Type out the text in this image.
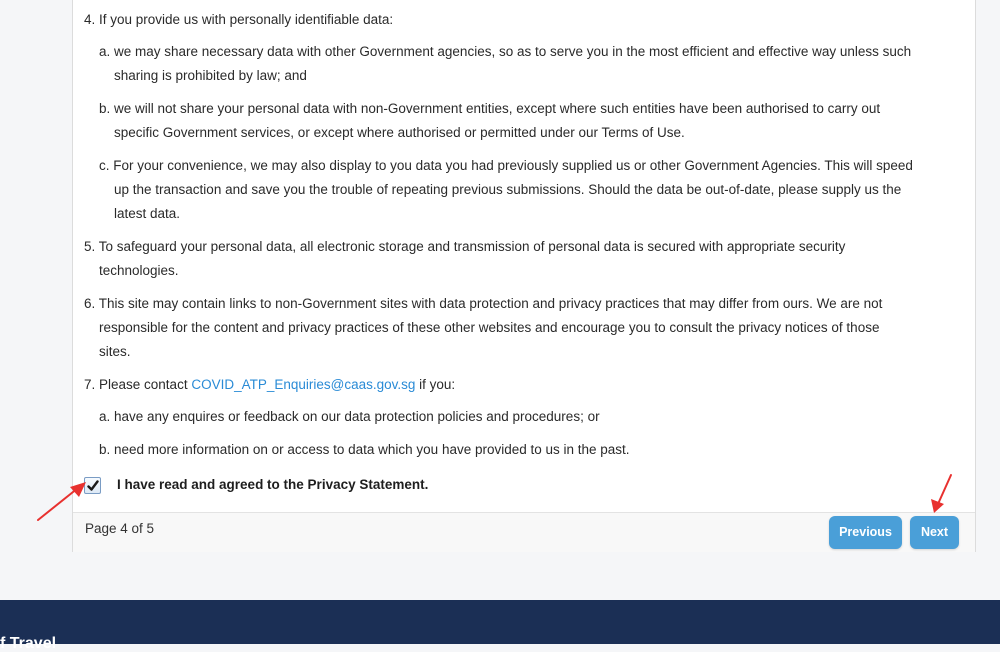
4. If you provide us with personally identifiable data:
a. we may share necessary data with other Government agencies, so as to serve you in the most efficient and effective way unless such
sharing is prohibited by law; and
b. we will not share your personal data with non-Government entities, except where such entities have been authorised to carry out
specific Government services, or except where authorised or permitted under our Terms of Use.
c. For your convenience, we may also display to you data you had previously supplied us or other Government Agencies. This will speed
up the transaction and save you the trouble of repeating previous submissions. Should the data be out-of-date, please supply us the
latest data.
5. To safeguard your personal data, all electronic storage and transmission of personal data is secured with appropriate security
technologies.
6. This site may contain links to non-Government sites with data protection and privacy practices that may differ from ours. We are not
responsible for the content and privacy practices of these other websites and encourage you to consult the privacy notices of those
sites.
7. Please contact COVID_ATP_Enquiries@caas.gov.sg if you:
a. have any enquires or feedback on our data protection policies and procedures; or
b. need more information on or access to data which you have provided to us in the past.
I have read and agreed to the Privacy Statement.
Page 4 of 5	Previous	Next
f Travel
